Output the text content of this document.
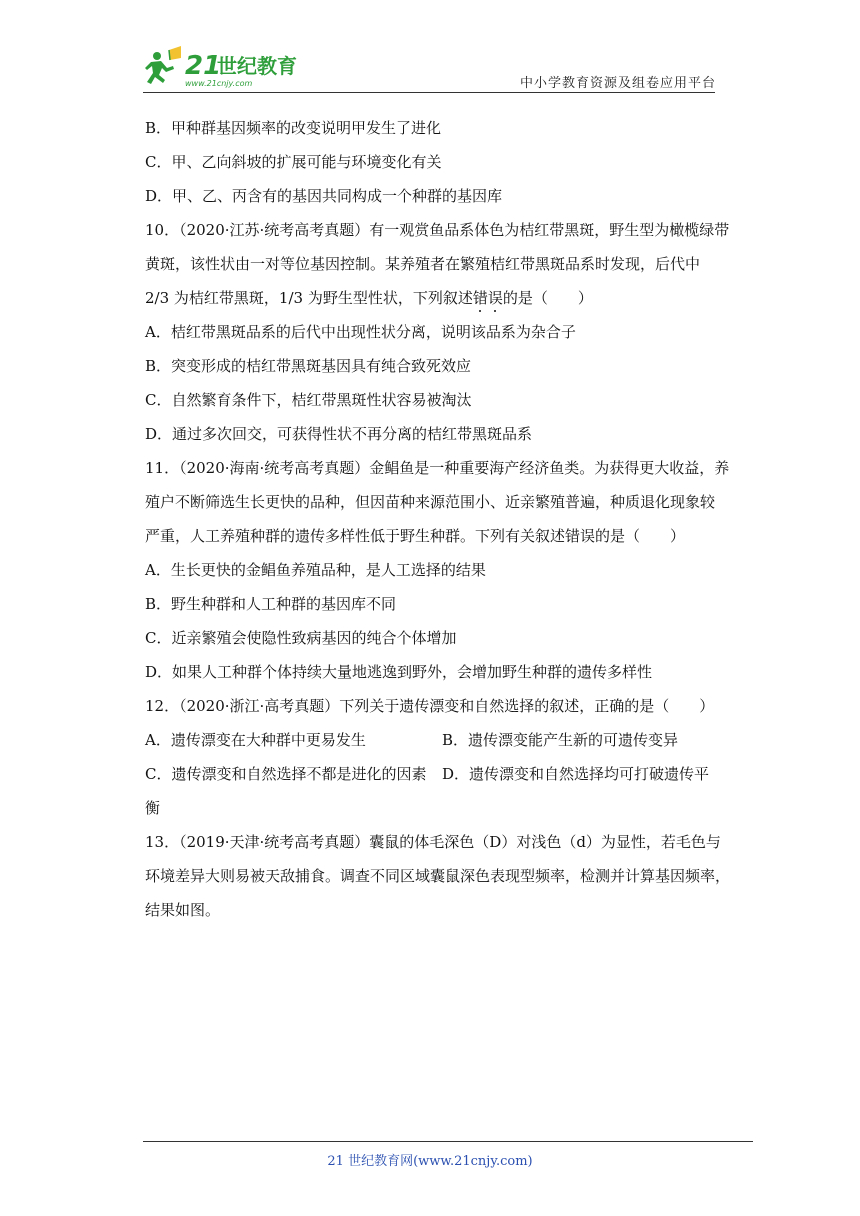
21
世纪教育
www.21cnjy.com	中小学教育资源及组卷应用平台
B．甲种群基因频率的改变说明甲发生了进化
C．甲、乙向斜坡的扩展可能与环境变化有关
D．甲、乙、丙含有的基因共同构成一个种群的基因库
10．（2020·江苏·统考高考真题）有一观赏鱼品系体色为桔红带黑斑，野生型为橄榄绿带
黄斑，该性状由一对等位基因控制。某养殖者在繁殖桔红带黑斑品系时发现，后代中
2/3 为桔红带黑斑，1/3 为野生型性状，下列叙述错误的是（　　）
A．桔红带黑斑品系的后代中出现性状分离，说明该品系为杂合子
B．突变形成的桔红带黑斑基因具有纯合致死效应
C．自然繁育条件下，桔红带黑斑性状容易被淘汰
D．通过多次回交，可获得性状不再分离的桔红带黑斑品系
11．（2020·海南·统考高考真题）金鲳鱼是一种重要海产经济鱼类。为获得更大收益，养
殖户不断筛选生长更快的品种，但因苗种来源范围小、近亲繁殖普遍，种质退化现象较
严重，人工养殖种群的遗传多样性低于野生种群。下列有关叙述错误的是（　　）
A．生长更快的金鲳鱼养殖品种，是人工选择的结果
B．野生种群和人工种群的基因库不同
C．近亲繁殖会使隐性致病基因的纯合个体增加
D．如果人工种群个体持续大量地逃逸到野外，会增加野生种群的遗传多样性
12．（2020·浙江·高考真题）下列关于遗传漂变和自然选择的叙述，正确的是（　　）
A．遗传漂变在大种群中更易发生	B．遗传漂变能产生新的可遗传变异
C．遗传漂变和自然选择不都是进化的因素 D．遗传漂变和自然选择均可打破遗传平
衡
13．（2019·天津·统考高考真题）囊鼠的体毛深色（D）对浅色（d）为显性，若毛色与
环境差异大则易被天敌捕食。调查不同区域囊鼠深色表现型频率，检测并计算基因频率，
结果如图。
21 世纪教育网(www.21cnjy.com)
